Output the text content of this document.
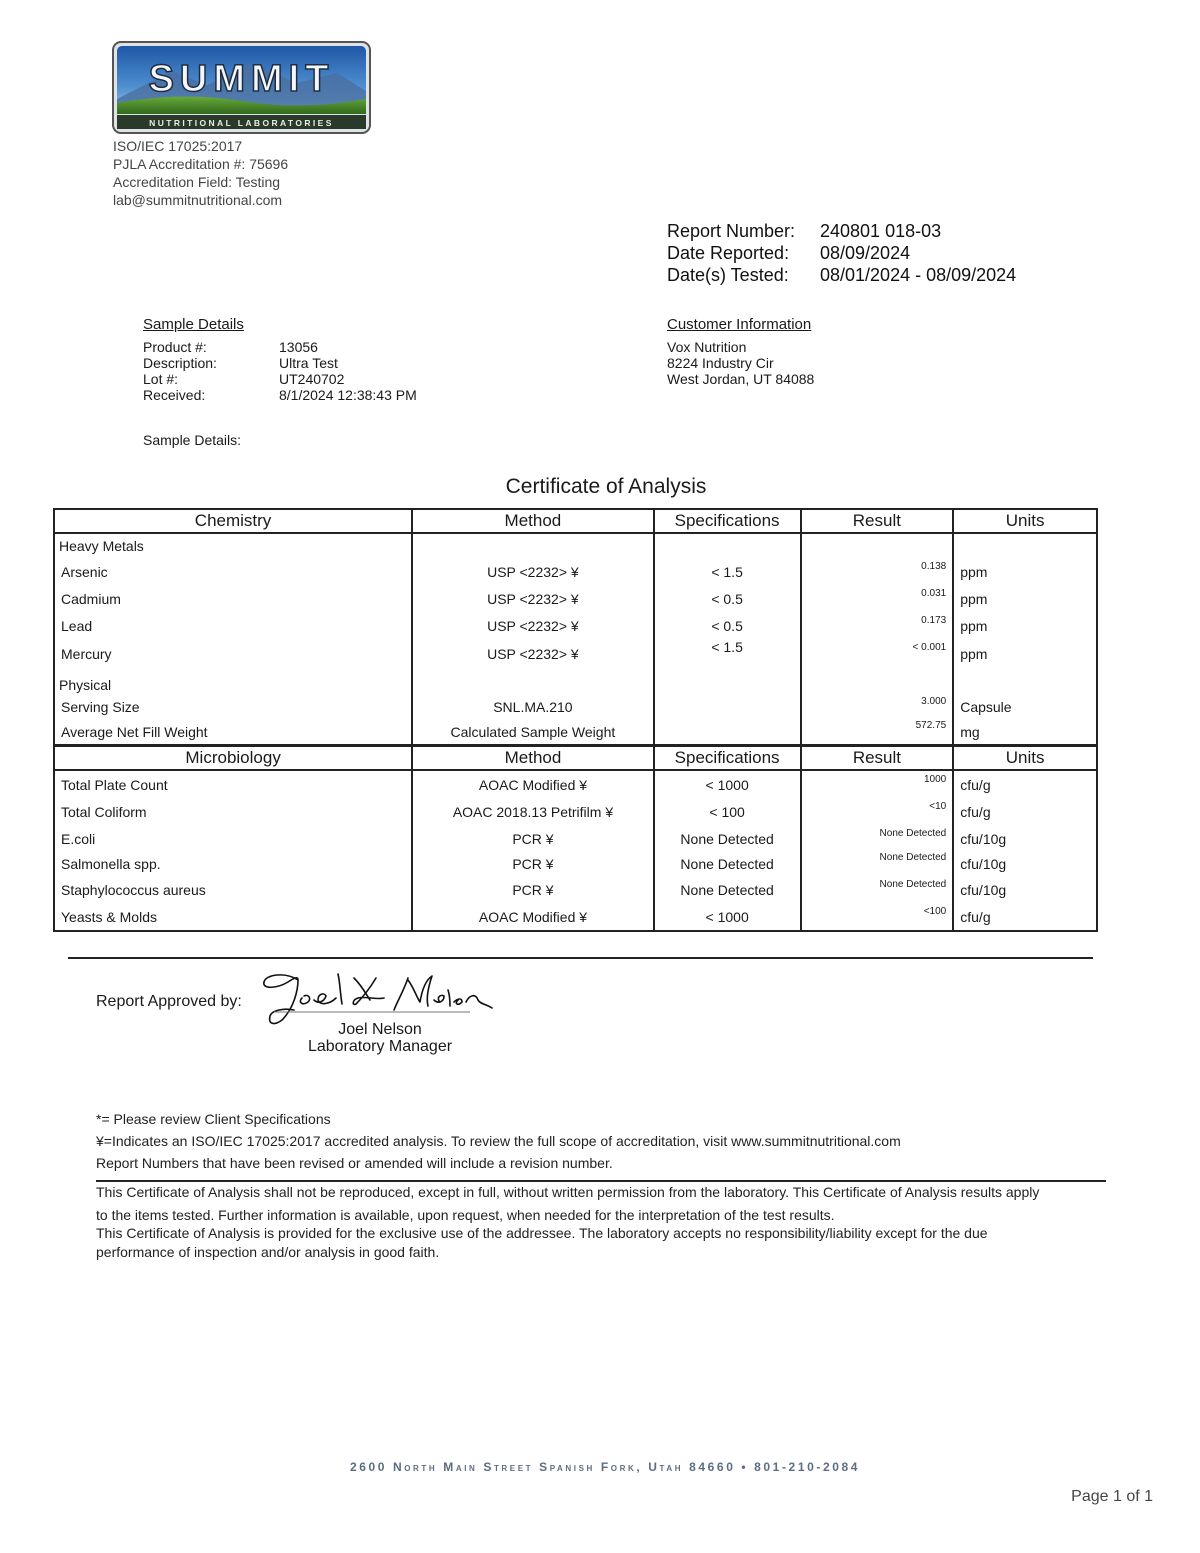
SUMMIT
NUTRITIONAL LABORATORIES
ISO/IEC 17025:2017
PJLA Accreditation #: 75696
Accreditation Field: Testing
lab@summitnutritional.com
Report Number:	240801 018-03
Date Reported:	08/09/2024
Date(s) Tested:	08/01/2024 - 08/09/2024
Sample Details
Product #:	13056
Description:	Ultra Test
Lot #:	UT240702
Received:	8/1/2024 12:38:43 PM
Customer Information
Vox Nutrition
8224 Industry Cir
West Jordan, UT 84088
Sample Details:
Certificate of Analysis
Chemistry	Method	Specifications	Result	Units
Heavy Metals				
Arsenic	USP <2232> ¥	< 1.5	0.138	ppm
Cadmium	USP <2232> ¥	< 0.5	0.031	ppm
Lead	USP <2232> ¥	< 0.5	0.173	ppm
Mercury	USP <2232> ¥	< 1.5	< 0.001	ppm
Physical				
Serving Size	SNL.MA.210		3.000	Capsule
Average Net Fill Weight	Calculated Sample Weight		572.75	mg
Microbiology	Method	Specifications	Result	Units
Total Plate Count	AOAC Modified ¥	< 1000	1000	cfu/g
Total Coliform	AOAC 2018.13 Petrifilm ¥	< 100	<10	cfu/g
E.coli	PCR ¥	None Detected	None Detected	cfu/10g
Salmonella spp.	PCR ¥	None Detected	None Detected	cfu/10g
Staphylococcus aureus	PCR ¥	None Detected	None Detected	cfu/10g
Yeasts & Molds	AOAC Modified ¥	< 1000	<100	cfu/g
Report Approved by:
Joel Nelson
Laboratory Manager
*= Please review Client Specifications
¥=Indicates an ISO/IEC 17025:2017 accredited analysis. To review the full scope of accreditation, visit www.summitnutritional.com
Report Numbers that have been revised or amended will include a revision number.
This Certificate of Analysis shall not be reproduced, except in full, without written permission from the laboratory. This Certificate of Analysis results apply
to the items tested. Further information is available, upon request, when needed for the interpretation of the test results.
This Certificate of Analysis is provided for the exclusive use of the addressee. The laboratory accepts no responsibility/liability except for the due
performance of inspection and/or analysis in good faith.
2600 North Main Street Spanish Fork, Utah 84660 • 801-210-2084
Page 1 of 1
